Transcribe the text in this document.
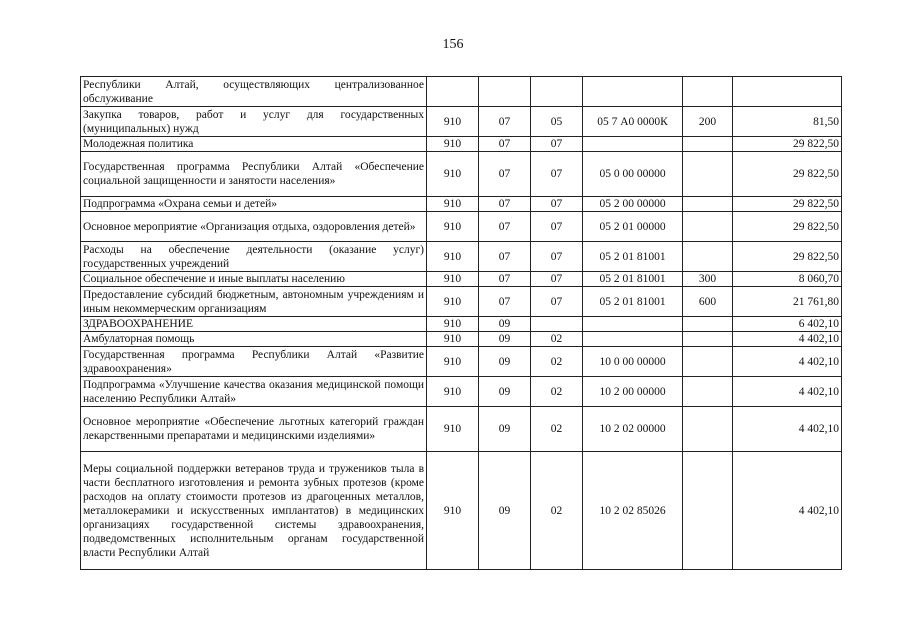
156
Республики Алтай, осуществляющих централизованное обслуживание						
Закупка товаров, работ и услуг для государственных (муниципальных) нужд	910	07	05	05 7 А0 0000К	200	81,50
Молодежная политика	910	07	07			29 822,50
Государственная программа Республики Алтай «Обеспечение социальной защищенности и занятости населения»	910	07	07	05 0 00 00000		29 822,50
Подпрограмма «Охрана семьи и детей»	910	07	07	05 2 00 00000		29 822,50
Основное мероприятие «Организация отдыха, оздоровления детей»	910	07	07	05 2 01 00000		29 822,50
Расходы на обеспечение деятельности (оказание услуг) государственных учреждений	910	07	07	05 2 01 81001		29 822,50
Социальное обеспечение и иные выплаты населению	910	07	07	05 2 01 81001	300	8 060,70
Предоставление субсидий бюджетным, автономным учреждениям и иным некоммерческим организациям	910	07	07	05 2 01 81001	600	21 761,80
ЗДРАВООХРАНЕНИЕ	910	09				6 402,10
Амбулаторная помощь	910	09	02			4 402,10
Государственная программа Республики Алтай «Развитие здравоохранения»	910	09	02	10 0 00 00000		4 402,10
Подпрограмма «Улучшение качества оказания медицинской помощи населению Республики Алтай»	910	09	02	10 2 00 00000		4 402,10
Основное мероприятие «Обеспечение льготных категорий граждан лекарственными препаратами и медицинскими изделиями»	910	09	02	10 2 02 00000		4 402,10
Меры социальной поддержки ветеранов труда и тружеников тыла в части бесплатного изготовления и ремонта зубных протезов (кроме расходов на оплату стоимости протезов из драгоценных металлов, металлокерамики и искусственных имплантатов) в медицинских организациях государственной системы здравоохранения, подведомственных исполнительным органам государственной власти Республики Алтай	910	09	02	10 2 02 85026		4 402,10
